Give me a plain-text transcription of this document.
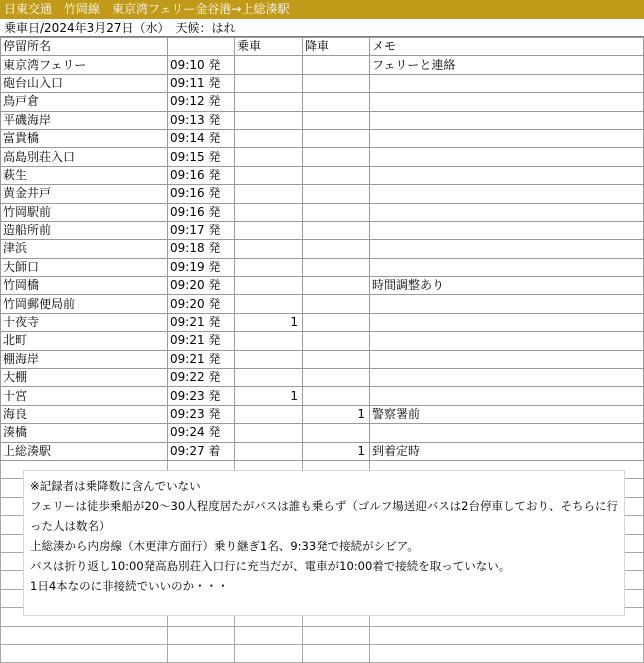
日東交通　竹岡線　東京湾フェリー金谷港→上総湊駅
乗車日/2024年3月27日（水）　天候：はれ
停留所名		乗車	降車	メモ
東京湾フェリー	09:10 発			フェリーと連絡
砲台山入口	09:11 発			
鳥戸倉	09:12 発			
平磯海岸	09:13 発			
富貴橋	09:14 発			
高島別荘入口	09:15 発			
萩生	09:16 発			
黄金井戸	09:16 発			
竹岡駅前	09:16 発			
造船所前	09:17 発			
津浜	09:18 発			
大師口	09:19 発			
竹岡橋	09:20 発			時間調整あり
竹岡郵便局前	09:20 発			
十夜寺	09:21 発	1		
北町	09:21 発			
棚海岸	09:21 発			
大棚	09:22 発			
十宮	09:23 発	1		
海良	09:23 発		1	警察署前
湊橋	09:24 発			
上総湊駅	09:27 着		1	到着定時

※記録者は乗降数に含んでいない

フェリーは徒歩乗船が20～30人程度居たがバスは誰も乗らず（ゴルフ場送迎バスは2台停車しており、そちらに行った人は数名）

上総湊から内房線（木更津方面行）乗り継ぎ1名、9:33発で接続がシビア。

バスは折り返し10:00発高島別荘入口行に充当だが、電車が10:00着で接続を取っていない。

1日4本なのに非接続でいいのか・・・
